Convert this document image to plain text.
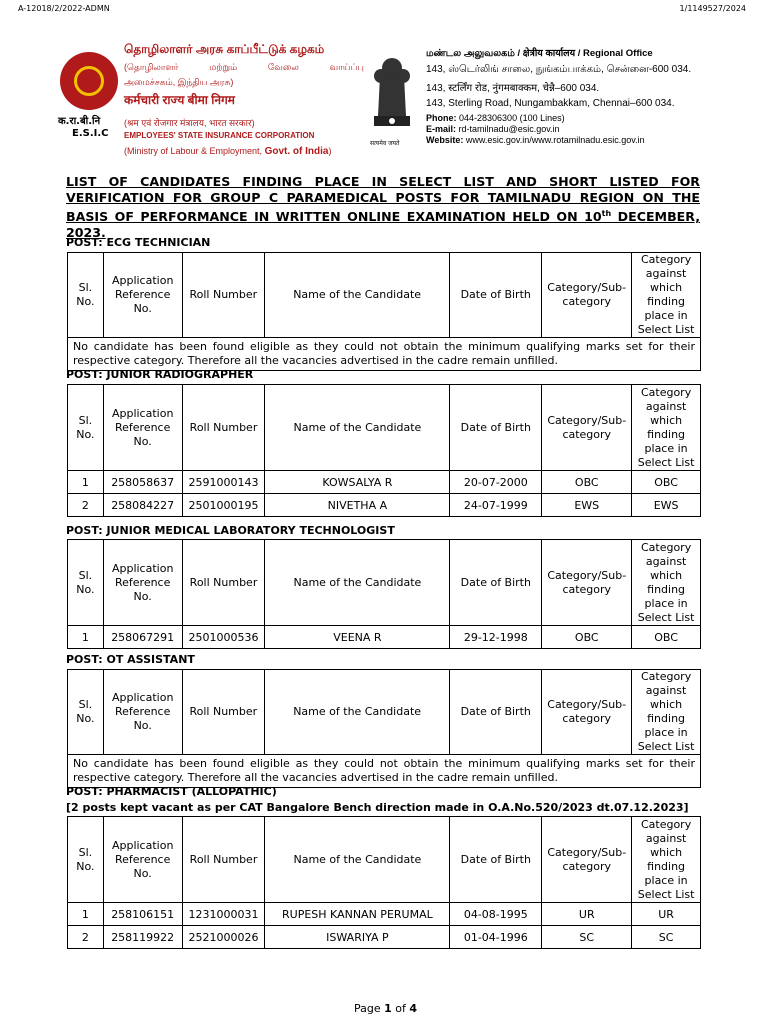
A-12018/2/2022-ADMN	1/1149527/2024
क.रा.बी.नि
E.S.I.C
தொழிலாளர் அரசு காப்பீட்டுக் கழகம்
(தொழிலாளர்	மற்றும்	வேலை	வாய்ப்பு
அமைச்சகம், இந்திய அரசு)
कर्मचारी राज्य बीमा निगम
(श्रम एवं रोजगार मंत्रालय, भारत सरकार)
EMPLOYEES' STATE INSURANCE CORPORATION
(Ministry of Labour & Employment, Govt. of India)
सत्यमेव जयते
மண்டல அலுவலகம் / क्षेत्रीय कार्यालय / Regional Office
143, ஸ்டெர்லிங் சாலை, நுங்கம்பாக்கம், சென்னை-600 034.
143, स्टर्लिंग रोड, नुंगमबाक्कम, चेन्नै–600 034.
143, Sterling Road, Nungambakkam, Chennai–600 034.
Phone: 044-28306300 (100 Lines)
E-mail: rd-tamilnadu@esic.gov.in
Website: www.esic.gov.in/www.rotamilnadu.esic.gov.in
LIST OF CANDIDATES FINDING PLACE IN SELECT LIST AND SHORT LISTED FOR VERIFICATION FOR GROUP C PARAMEDICAL POSTS FOR TAMILNADU REGION ON THE BASIS OF PERFORMANCE IN WRITTEN ONLINE EXAMINATION HELD ON 10th DECEMBER, 2023.
POST: ECG TECHNICIAN
Sl. No.	Application Reference No.	Roll Number	Name of the Candidate	Date of Birth	Category/Sub-category	Category against which finding place in Select List
No candidate has been found eligible as they could not obtain the minimum qualifying marks set for their respective category. Therefore all the vacancies advertised in the cadre remain unfilled.
POST: JUNIOR RADIOGRAPHER
Sl. No.	Application Reference No.	Roll Number	Name of the Candidate	Date of Birth	Category/Sub-category	Category against which finding place in Select List
1	258058637	2591000143	KOWSALYA R	20-07-2000	OBC	OBC
2	258084227	2501000195	NIVETHA A	24-07-1999	EWS	EWS
POST: JUNIOR MEDICAL LABORATORY TECHNOLOGIST
Sl. No.	Application Reference No.	Roll Number	Name of the Candidate	Date of Birth	Category/Sub-category	Category against which finding place in Select List
1	258067291	2501000536	VEENA R	29-12-1998	OBC	OBC
POST: OT ASSISTANT
Sl. No.	Application Reference No.	Roll Number	Name of the Candidate	Date of Birth	Category/Sub-category	Category against which finding place in Select List
No candidate has been found eligible as they could not obtain the minimum qualifying marks set for their respective category. Therefore all the vacancies advertised in the cadre remain unfilled.
POST: PHARMACIST (ALLOPATHIC)
[2 posts kept vacant as per CAT Bangalore Bench direction made in O.A.No.520/2023 dt.07.12.2023]
Sl. No.	Application Reference No.	Roll Number	Name of the Candidate	Date of Birth	Category/Sub-category	Category against which finding place in Select List
1	258106151	1231000031	RUPESH KANNAN PERUMAL	04-08-1995	UR	UR
2	258119922	2521000026	ISWARIYA P	01-04-1996	SC	SC
Page 1 of 4
